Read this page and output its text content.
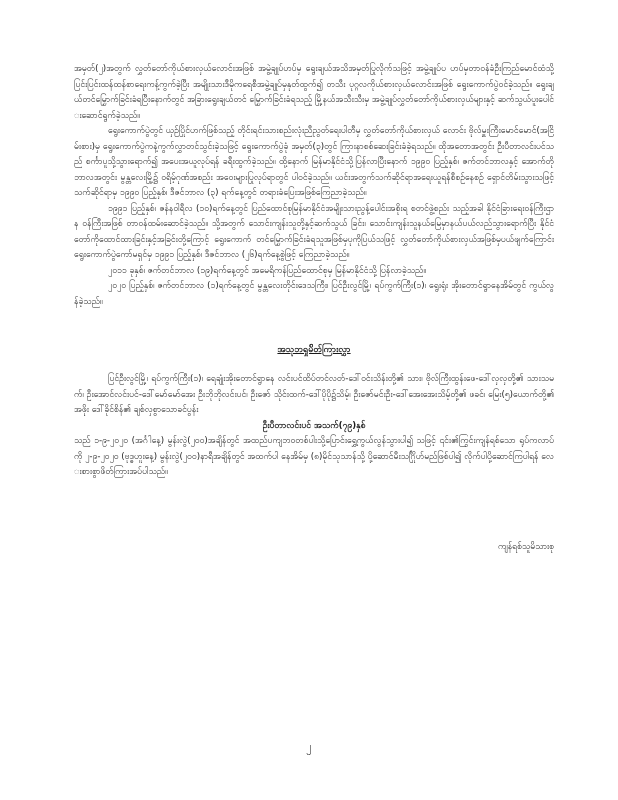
အမှတ်(၂)အတွက် လွှတ်တော်ကိုယ်စားလှယ်လောင်းအဖြစ် အမွဲ့ချုပ်ဟပ်မှ ရွေးချယ်အသိအမှတ်ပြုလိုက်သဖြင့် အမွဲ့ချုပ်ပ ဟပ်မှတာဝန်ခံဦးကြည်မောင်ထံသို့ ပြင်းပြင်းထန်ထန်စာရေးကန့်ကွက်ခဲ့ပြီး အမျိုးသားဒီမိုကရေစီအမွဲ့ချုပ်မှနုတ်ထွက်၍ တသီး ပုဂ္ဂလကိုယ်စားလှယ်လောင်းအဖြစ် ရွေးကောက်ပွဲဝင်ခဲ့သည်။ ရွေးချယ်တင်မြှောက်ခြင်းခံရပြီးနောက်တွင် အခြားရွေးချယ်တင် မြှောက်ခြင်းခံရသည့် မြို့နယ်အသီးသီးမှ အမွဲ့ချုပ်လွှတ်တော်ကိုယ်စားလှယ်များနှင့် ဆက်သွယ်ပူးပေါင်းဆောင်ရွက်ခဲ့သည်။

ရွေးကောက်ပွဲတွင် ယှဉ်ပြိုင်ဟက်ဖြစ်သည့် တိုင်းရင်းသားစည်းလုံးညီညွတ်ရေးပါတီမှ လွှတ်တော်ကိုယ်စားလှယ် လောင်း ဗိုလ်မှူးကြီးမောင်မောင်(အငြိမ်းစား)မှ ရွေးကောက်ပွဲကနဲ့ကွက်လွှာတင်သွင်းခဲ့သဖြင့် ရွေးကောက်ပွဲခုံ အမှတ်(၃)တွင် ကြားနာစစ်ဆေးခြင်းခံခဲ့ရသည်။ ထိုအတောအတွင်း ဦးပီတာလင်းပင်သည် စင်္ကာပူသို့သွားရောက်၍ အပေးအယူလုပ်ရန် ခရီးထွက်ခဲ့သည်။ ထို့နောက် မြန်မာနိုင်ငံသို့ပြန်လာပြီးနောက် ၁၉၉၀ ပြည့်နှစ်၊ ဇက်တင်ဘာလနှင့် အောက်တိုဘာလအတွင်း မွန္တလေးမြို့၌ ဝရိမ့်ဂုဏ်အစည်း အဝေးများပြုလုပ်ရာတွင် ပါဝင်ခဲ့သည်။ ယင်းအတွက်သက်ဆိုင်ရာအရေးယူရန်စီစဉ်နေစဉ် ရှောင်တိမ်းသွားသဖြင့် သက်ဆိုင်ရာမှ ၁၉၉၀ ပြည့်နှစ်၊ ဒီဇင်ဘာလ (၃) ရက်နေ့တွင် တရားခံပြေးအဖြစ်ကြေညာခဲ့သည်။

၁၉၉၁ ပြည့်နှစ်၊ ဇန်နဝါရီလ (၁၀)ရက်နေ့တွင် ပြည်ထောင်စုမြန်မာနိုင်ငံအမျိုးသားညွန့်ပေါင်းအစိုးရ စတင်ဖွဲ့စည်း သည့်အခါ နိုင်ငံခြားရေးဝန်ကြီးဌာန ဝန်ကြီးအဖြစ် တာဝန်ထမ်းဆောင်ခဲ့သည်။ သို့အတွက် သောင်းကျန်းသူတို့နှင့်ဆက်သွယ် ခြင်း၊ သောင်းကျန်းသူနယ်မြေမှာနယ်ပယ်လည်သွားရောက်ပြီး နိုင်ငံတော်ကိုထောင်ထားခြင်းနှင့်အခြင်းတို့ကြောင့် ရွေးကောက် တင်မြှောက်ခြင်းခံရသူအဖြစ်မှပုကိုပြယ်သဖြင့် လွှတ်တော်ကိုယ်စားလှယ်အဖြစ်မှပယ်ဖျက်ကြောင်း ရွေးကောက်ပွဲကော်မရှင်မှ ၁၉၉၁ ပြည့်နှစ်၊ ဒီဇင်ဘာလ (၂၆)ရက်နေ့စွဲဖြင့် ကြေညာခဲ့သည်။

၂၀၁၁ ခုနှစ်၊ ဇက်တင်ဘာလ (၁၉)ရက်နေ့တွင် အမေရိကန်ပြည်ထောင်စုမှ မြန်မာနိုင်ငံသို့ ပြန်လာခဲ့သည်။

၂၀၂၀ ပြည့်နှစ်၊ ဇက်တင်ဘာလ (၁)ရက်နေ့တွင် မွန္တလေးတိုင်းဒေသကြီး၊ ပြင်ဦးလွင်မြို့၊ ရပ်ကွက်ကြီး(၁)၊ ရွေးရုံး အိုးတောင်ရွာနေအိမ်တွင် ကွယ်လွန်ခဲ့သည်။

အသုဘရှုမ်ိတ်ကြားလွှာ

ပြင်ဦးလွင်မြို့၊ ရပ်ကွက်ကြီး(၁)၊ ရေချုံးအိုးတောင်ရွာနေ လင်းပင်ထိပ်တင်လတ်-ဒေါ်ဝင်းသိန်းတို့၏ သား၊ ဗိုလ်ကြီးထွန်းဖေ-ဒေါ်လှလှတို့၏ သားသမက်၊ ဦးအောင်လင်းပင်-ဒေါ်မော်မော်အေး ဦးဘိုဘိုလင်းပင်၊ ဦးဇော် သိုင်းထက်-ဒေါ်ပိုပို၌သိမ့်၊ ဦးဇော်မင်းဦး-ဒေါ်အေးအေးသိမ့်တို့၏ ဖခင်၊ မြေး(၅)ယောက်တို့၏ အဖိုး ဒေါ်ခိုင်စိန်၏ ချစ်လှစွာသောခင်ပွန်း

ဦးပီတာလင်းပင် အသက်(၇၉)နှစ်

သည် ၁-၉-၂၀၂၀ (အင်္ဂါနေ့) မွန်းလွဲ(၂၀၀)အချိန်တွင် အထည်ပကျဘဝတစ်ပါးသို့ပြောင်းရွှေ့ကွယ်လွန်သွားပါ၍ သဖြင့် ၎င်း၏ကြွင်းကျန်ရစ်သော ရုပ်ကလာပ်ကို ၂-၉-၂၀၂၀ (ဗုဒ္ဓဟူးနေ့) မွန်းလွဲ(၂၀၀)နာရီအချိန်တွင် အထက်ပါ နေအိမ်မှ (၈)မိုင်သုသာန်သို့ ပို့ဆောင်မီးသင်္ဂြိုဟ်မည်ဖြစ်ပါ၍ လိုက်ပါပို့ဆောင်ကြပါရန် လေးစားစွာဖိတ်ကြားအပ်ပါသည်။

ကျန်ရစ်သူမိသားစု
၂
